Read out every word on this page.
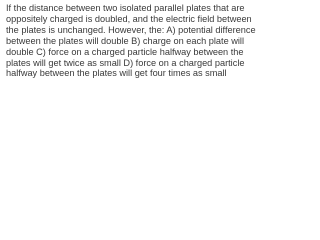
If the distance between two isolated parallel plates that are oppositely charged is doubled, and the electric field between the plates is unchanged. However, the: A) potential difference between the plates will double B) charge on each plate will double C) force on a charged particle halfway between the plates will get twice as small D) force on a charged particle halfway between the plates will get four times as small
